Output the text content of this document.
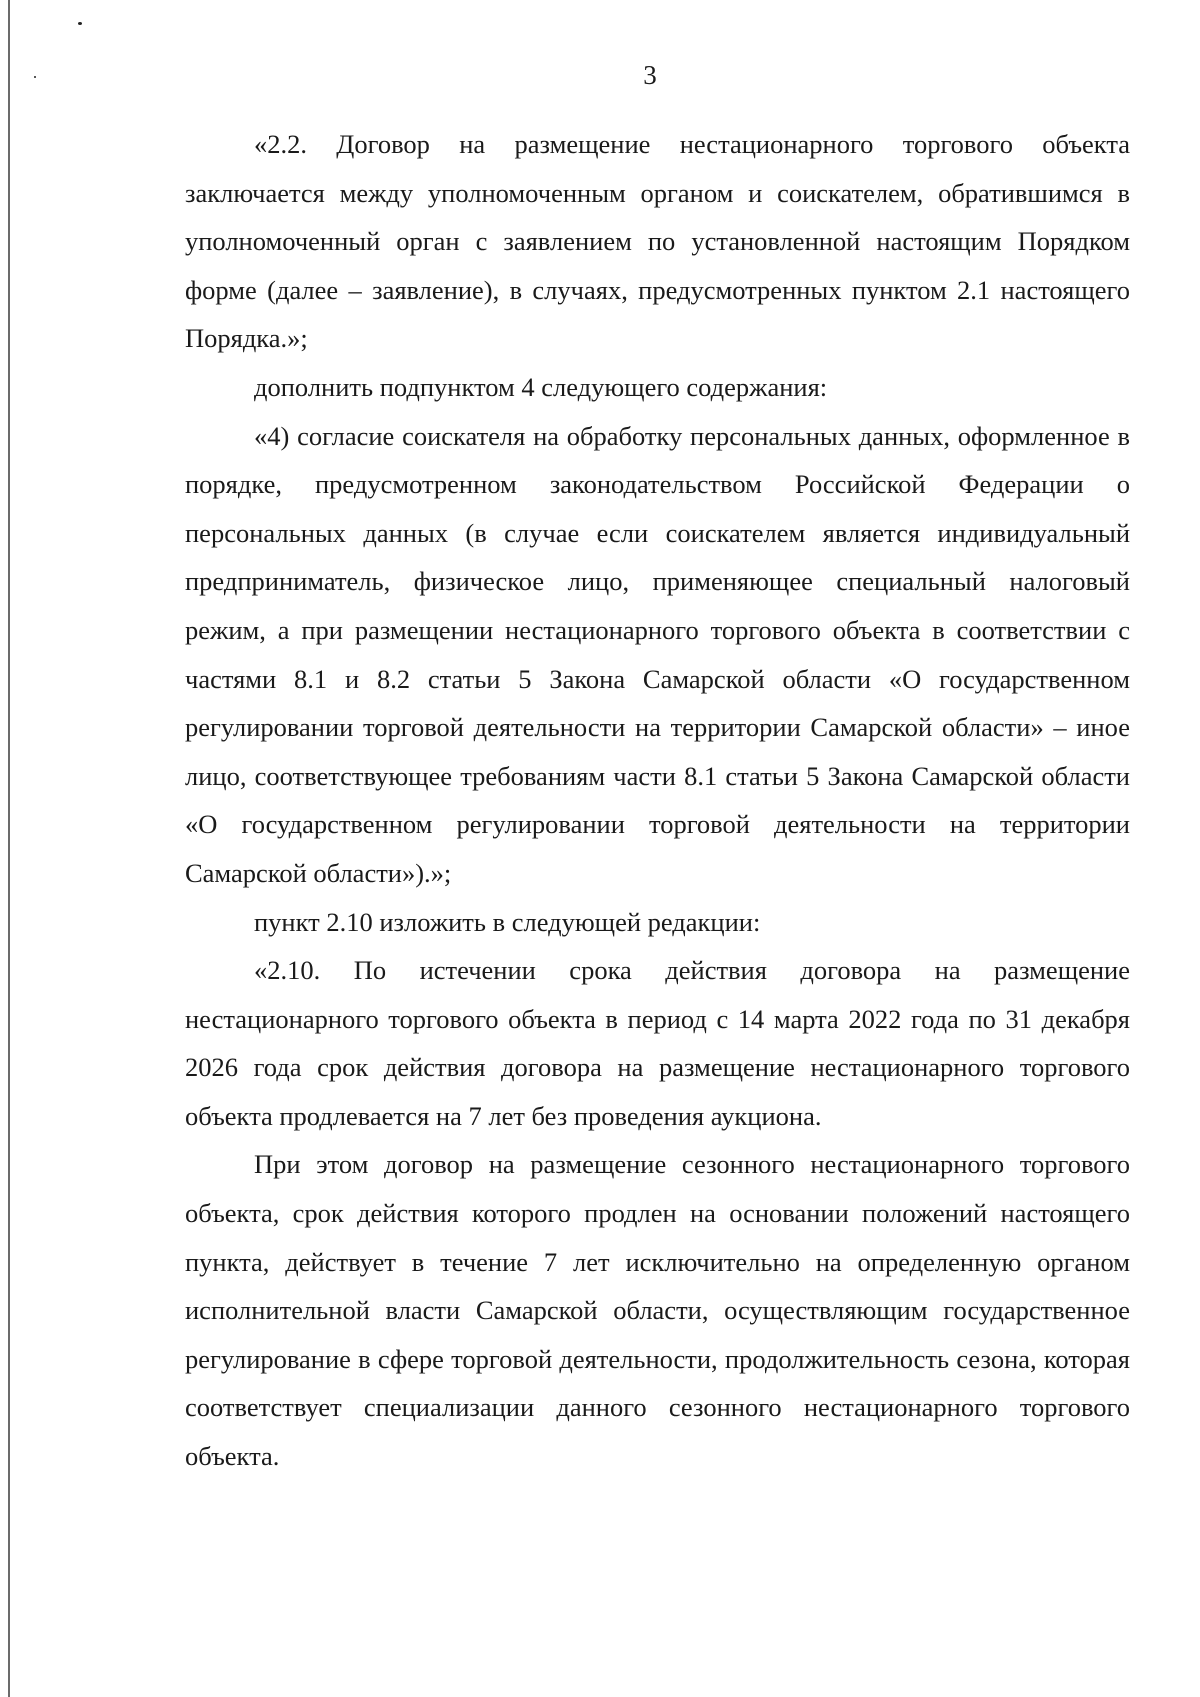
3

«2.2. Договор на размещение нестационарного торгового объекта заключается между уполномоченным органом и соискателем, обратившимся в уполномоченный орган с заявлением по установленной настоящим Порядком форме (далее – заявление), в случаях, предусмотренных пунктом 2.1 настоящего Порядка.»;

дополнить подпунктом 4 следующего содержания:

«4) согласие соискателя на обработку персональных данных, оформленное в порядке, предусмотренном законодательством Российской Федерации о персональных данных (в случае если соискателем является индивидуальный предприниматель, физическое лицо, применяющее специальный налоговый режим, а при размещении нестационарного торгового объекта в соответствии с частями 8.1 и 8.2 статьи 5 Закона Самарской области «О государственном регулировании торговой деятельности на территории Самарской области» – иное лицо, соответствующее требованиям части 8.1 статьи 5 Закона Самарской области «О государственном регулировании торговой деятельности на территории Самарской области»).»;

пункт 2.10 изложить в следующей редакции:

«2.10. По истечении срока действия договора на размещение нестационарного торгового объекта в период с 14 марта 2022 года по 31 декабря 2026 года срок действия договора на размещение нестационарного торгового объекта продлевается на 7 лет без проведения аукциона.

При этом договор на размещение сезонного нестационарного торгового объекта, срок действия которого продлен на основании положений настоящего пункта, действует в течение 7 лет исключительно на определенную органом исполнительной власти Самарской области, осуществляющим государственное регулирование в сфере торговой деятельности, продолжительность сезона, которая соответствует специализации данного сезонного нестационарного торгового объекта.
